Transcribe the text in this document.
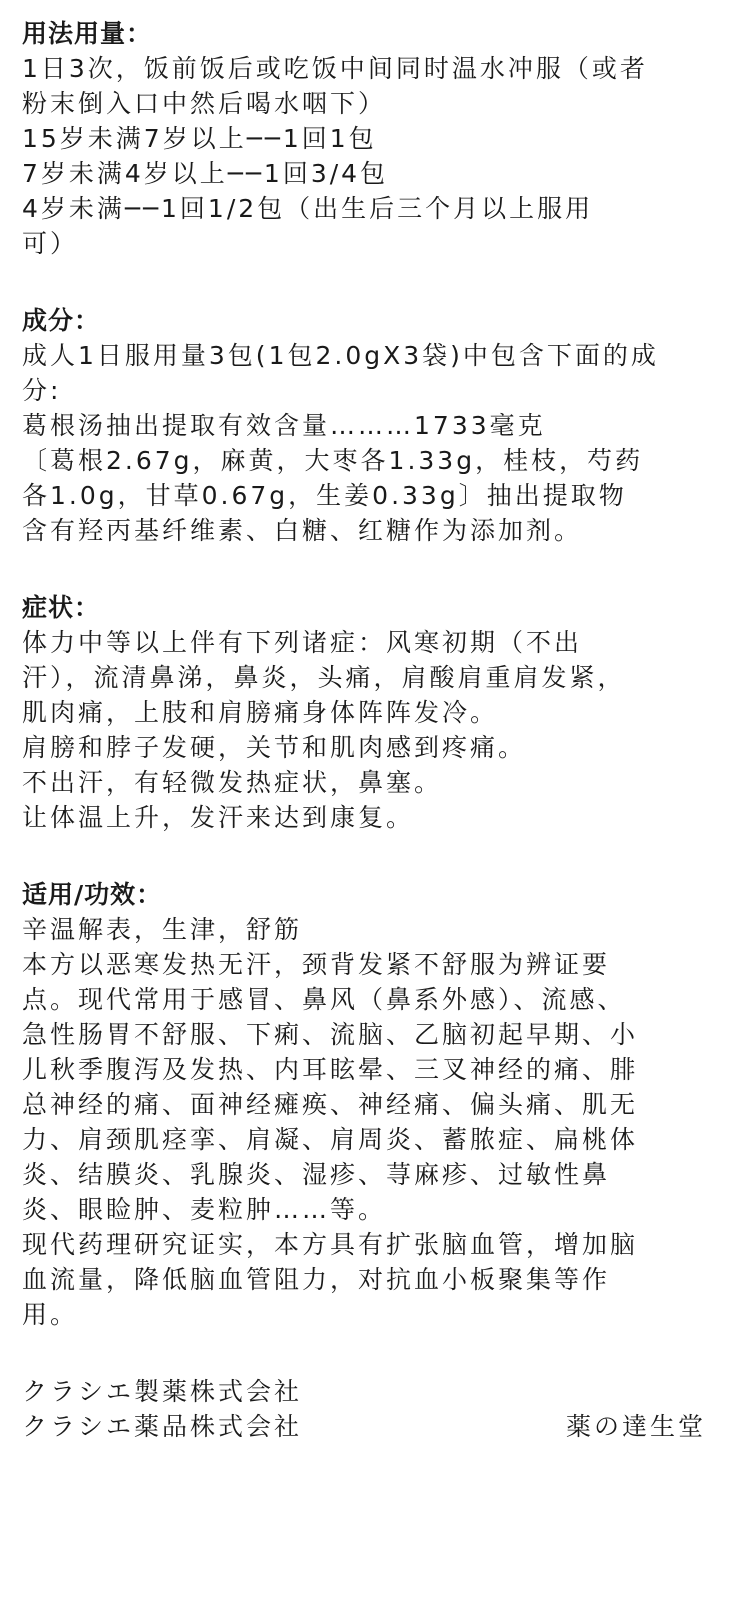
用法用量：

1日3次，饭前饭后或吃饭中间同时温水冲服（或者

粉末倒入口中然后喝水咽下）

15岁未满7岁以上──1回1包

7岁未满4岁以上──1回3/4包

4岁未满──1回1/2包（出生后三个月以上服用

可）

成分：

成人1日服用量3包(1包2.0gX3袋)中包含下面的成

分:

葛根汤抽出提取有效含量………1733毫克

〔葛根2.67g，麻黄，大枣各1.33g，桂枝，芍药

各1.0g，甘草0.67g，生姜0.33g〕抽出提取物

含有羟丙基纤维素、白糖、红糖作为添加剂。

症状：

体力中等以上伴有下列诸症：风寒初期（不出

汗），流清鼻涕，鼻炎，头痛，肩酸肩重肩发紧，

肌肉痛，上肢和肩膀痛身体阵阵发冷。

肩膀和脖子发硬，关节和肌肉感到疼痛。

不出汗，有轻微发热症状，鼻塞。

让体温上升，发汗来达到康复。

适用/功效：

辛温解表，生津，舒筋

本方以恶寒发热无汗，颈背发紧不舒服为辨证要

点。现代常用于感冒、鼻风（鼻系外感）、流感、

急性肠胃不舒服、下痢、流脑、乙脑初起早期、小

儿秋季腹泻及发热、内耳眩晕、三叉神经的痛、腓

总神经的痛、面神经瘫痪、神经痛、偏头痛、肌无

力、肩颈肌痉挛、肩凝、肩周炎、蓄脓症、扁桃体

炎、结膜炎、乳腺炎、湿疹、荨麻疹、过敏性鼻

炎、眼睑肿、麦粒肿……等。

现代药理研究证实，本方具有扩张脑血管，增加脑

血流量，降低脑血管阻力，对抗血小板聚集等作

用。

クラシエ製薬株式会社

クラシエ薬品株式会社	薬の達生堂
